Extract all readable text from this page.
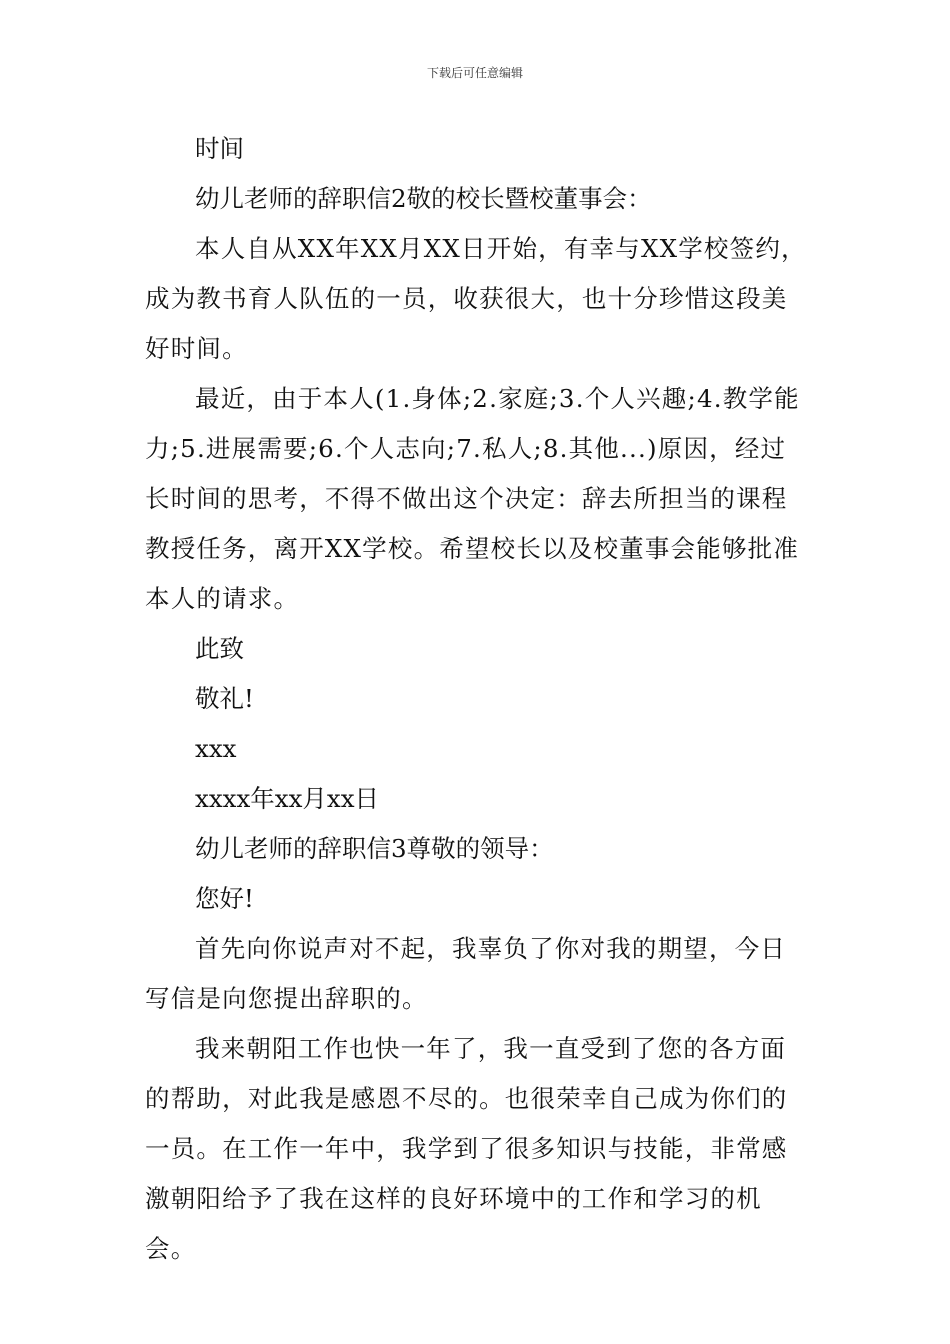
下载后可任意编辑

时间

幼儿老师的辞职信2敬的校长暨校董事会：

本人自从XX年XX月XX日开始，有幸与XX学校签约，成为教书育人队伍的一员，收获很大，也十分珍惜这段美好时间。

最近，由于本人(1.身体;2.家庭;3.个人兴趣;4.教学能力;5.进展需要;6.个人志向;7.私人;8.其他...)原因，经过长时间的思考，不得不做出这个决定：辞去所担当的课程教授任务，离开XX学校。希望校长以及校董事会能够批准本人的请求。

此致

敬礼!

xxx

xxxx年xx月xx日

幼儿老师的辞职信3尊敬的领导：

您好!

首先向你说声对不起，我辜负了你对我的期望，今日写信是向您提出辞职的。

我来朝阳工作也快一年了，我一直受到了您的各方面的帮助，对此我是感恩不尽的。也很荣幸自己成为你们的一员。在工作一年中，我学到了很多知识与技能，非常感激朝阳给予了我在这样的良好环境中的工作和学习的机会。
